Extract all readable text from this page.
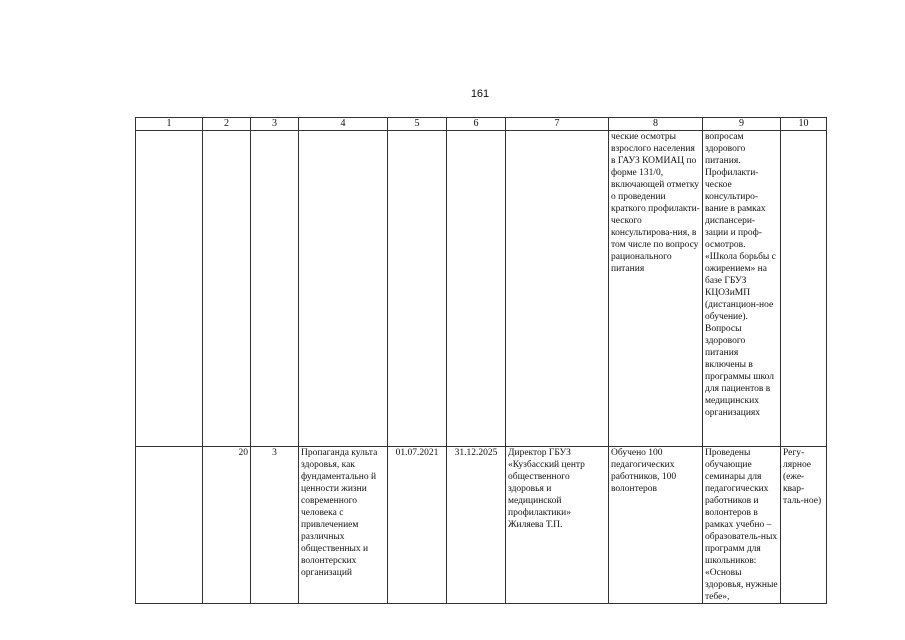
161
1	2	3	4	5	6	7	8	9	10
							ческие осмотры взрослого населения в ГАУЗ КОМИАЦ по форме 131/0, включающей отметку о проведении краткого профилакти-ческого консультирова-ния, в том числе по вопросу рационального питания	вопросам здорового питания. Профилакти-ческое консультиро-вание в рамках диспансери-зации и проф-осмотров. «Школа борьбы с ожирением» на базе ГБУЗ КЦОЗиМП (дистанцион-ное обучение). Вопросы здорового питания включены в программы школ для пациентов в медицинских организациях	
	20	3	Пропаганда культа здоровья, как фундаментально й ценности жизни современного человека с привлечением различных общественных и волонтерских организаций	01.07.2021	31.12.2025	Директор ГБУЗ «Кузбасский центр общественного здоровья и медицинской профилактики» Жиляева Т.П.	Обучено 100 педагогических работников, 100 волонтеров	Проведены обучающие семинары для педагогических работников и волонтеров в рамках учебно – образователь-ных программ для школьников: «Основы здоровья, нужные тебе»,	Регу-лярное (еже-квар-таль-ное)
